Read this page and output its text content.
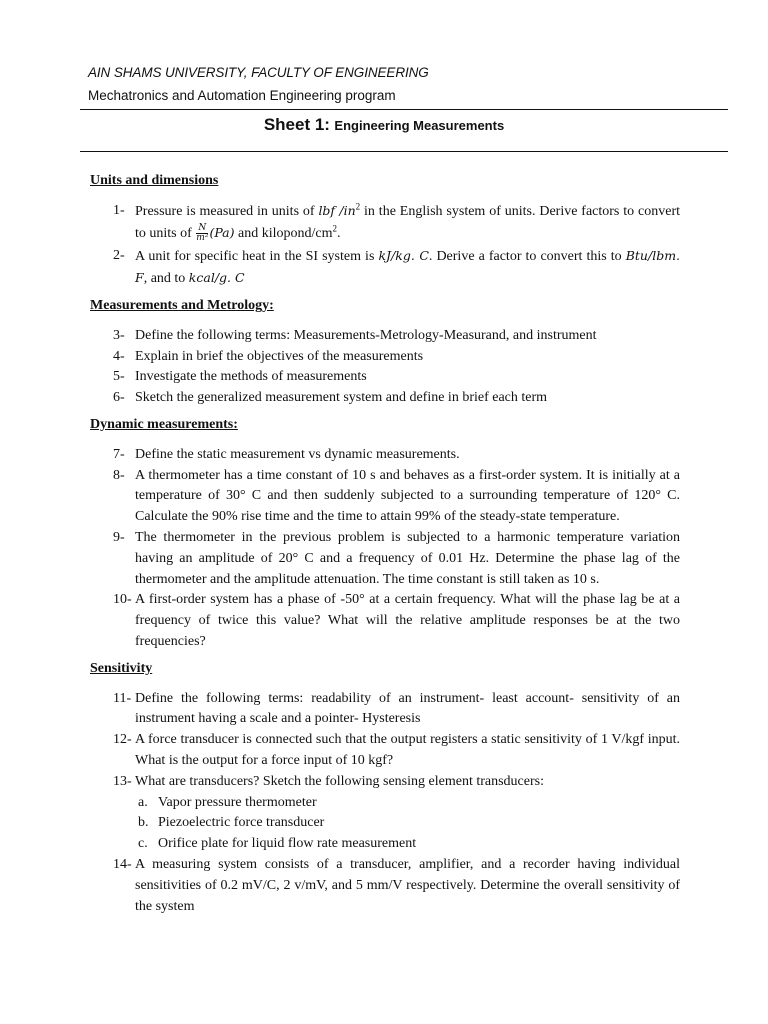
AIN SHAMS UNIVERSITY, FACULTY OF ENGINEERING
Mechatronics and Automation Engineering program
Sheet 1: Engineering Measurements
Units and dimensions
1- Pressure is measured in units of lbf $/in^2$ in the English system of units. Derive factors to convert to units of $\frac{N}{\text{m²}} (Pa)$ and kilopond/$cm^2$.
2- A unit for specific heat in the SI system is kJ/kg. C. Derive a factor to convert this to Btu/lbm. F, and to kcal/g. C
Measurements and Metrology:
3- Define the following terms: Measurements-Metrology-Measurand, and instrument
4- Explain in brief the objectives of the measurements
5- Investigate the methods of measurements
6- Sketch the generalized measurement system and define in brief each term
Dynamic measurements:
7- Define the static measurement vs dynamic measurements.
8- A thermometer has a time constant of 10 s and behaves as a first-order system. It is initially at a temperature of 30° C and then suddenly subjected to a surrounding temperature of 120° C. Calculate the 90% rise time and the time to attain 99% of the steady-state temperature.
9- The thermometer in the previous problem is subjected to a harmonic temperature variation having an amplitude of 20° C and a frequency of 0.01 Hz. Determine the phase lag of the thermometer and the amplitude attenuation. The time constant is still taken as 10 s.
10- A first-order system has a phase of -50° at a certain frequency. What will the phase lag be at a frequency of twice this value? What will the relative amplitude responses be at the two frequencies?
Sensitivity
11- Define the following terms: readability of an instrument- least account- sensitivity of an instrument having a scale and a pointer- Hysteresis
12- A force transducer is connected such that the output registers a static sensitivity of 1 V/kgf input. What is the output for a force input of 10 kgf?
13- What are transducers? Sketch the following sensing element transducers:
a. Vapor pressure thermometer
b. Piezoelectric force transducer
c. Orifice plate for liquid flow rate measurement
14- A measuring system consists of a transducer, amplifier, and a recorder having individual sensitivities of 0.2 mV/C, 2 v/mV, and 5 mm/V respectively. Determine the overall sensitivity of the system
